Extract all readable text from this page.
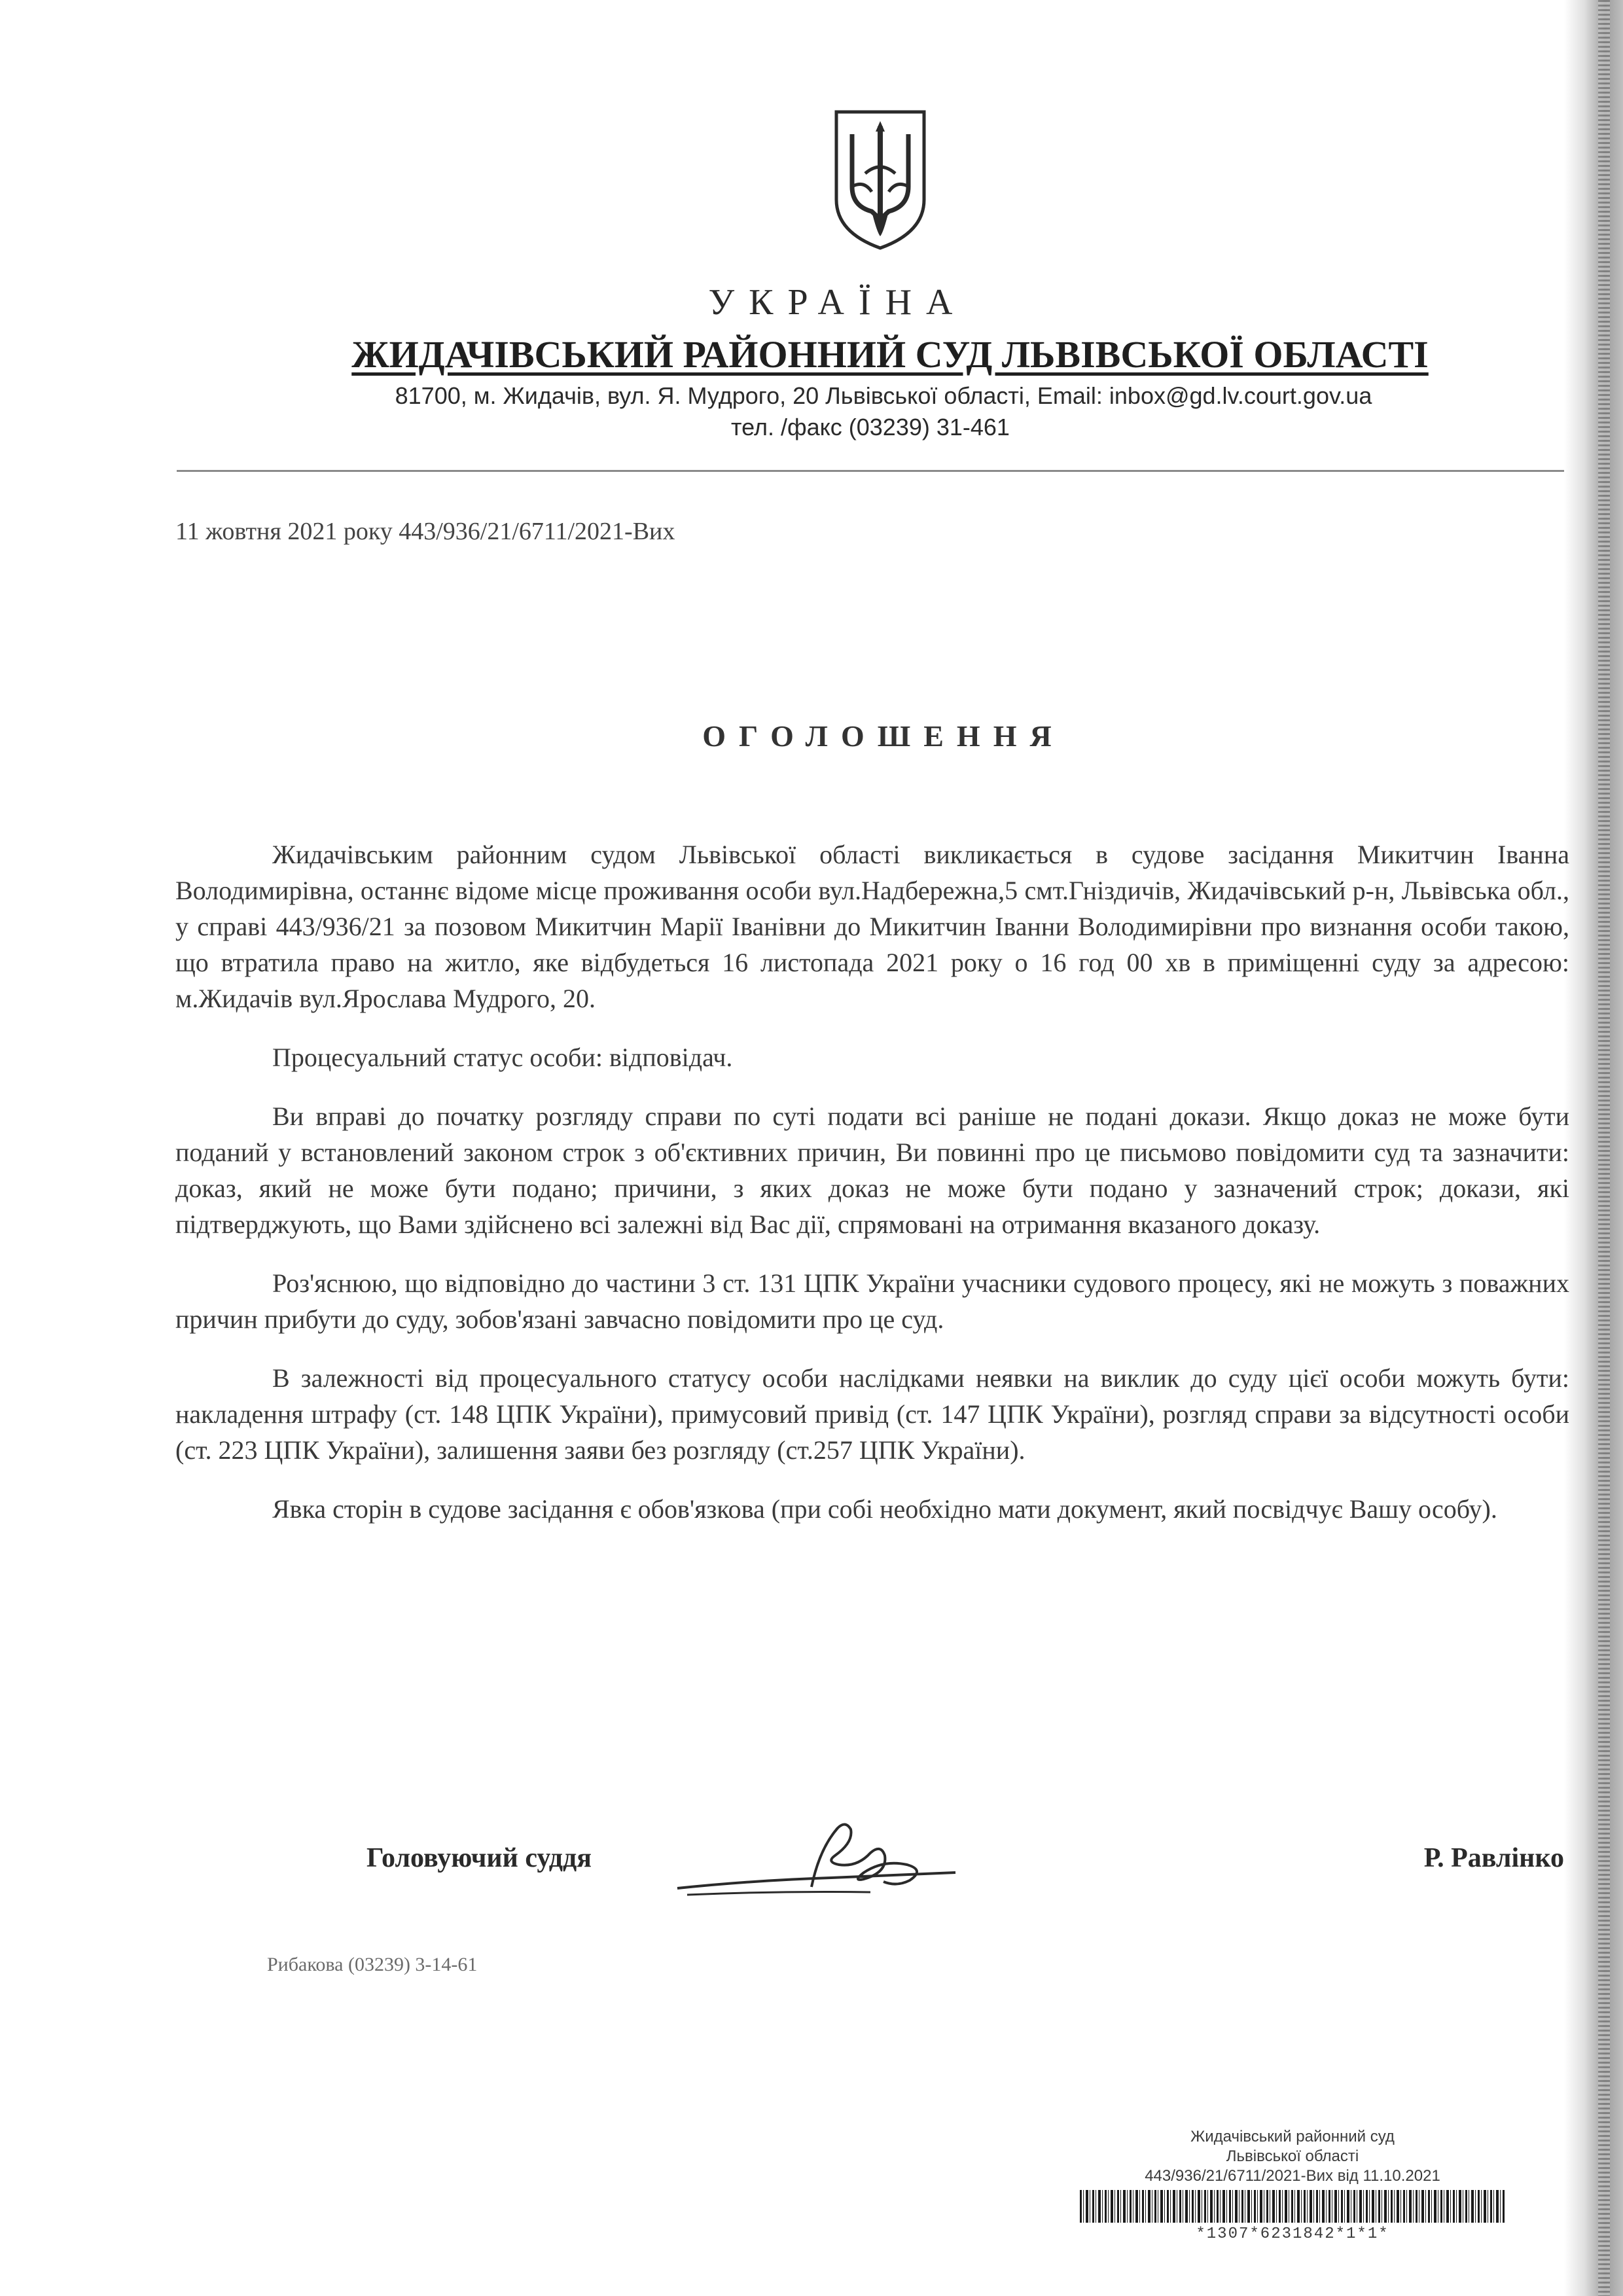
УКРАЇНА
ЖИДАЧІВСЬКИЙ РАЙОННИЙ СУД ЛЬВІВСЬКОЇ ОБЛАСТІ
81700, м. Жидачів, вул. Я. Мудрого, 20 Львівської області, Email: inbox@gd.lv.court.gov.ua
тел. /факс (03239) 31-461
11 жовтня 2021 року 443/936/21/6711/2021-Вих
ОГОЛОШЕННЯ

Жидачівським районним судом Львівської області викликається в судове засідання Микитчин Іванна Володимирівна, останнє відоме місце проживання особи вул.Надбережна,5 смт.Гніздичів, Жидачівський р-н, Львівська обл., у справі 443/936/21 за позовом Микитчин Марії Іванівни до Микитчин Іванни Володимирівни про визнання особи такою, що втратила право на житло, яке відбудеться 16 листопада 2021 року о 16 год 00 хв в приміщенні суду за адресою: м.Жидачів вул.Ярослава Мудрого, 20.

Процесуальний статус особи: відповідач.

Ви вправі до початку розгляду справи по суті подати всі раніше не подані докази. Якщо доказ не може бути поданий у встановлений законом строк з об'єктивних причин, Ви повинні про це письмово повідомити суд та зазначити: доказ, який не може бути подано; причини, з яких доказ не може бути подано у зазначений строк; докази, які підтверджують, що Вами здійснено всі залежні від Вас дії, спрямовані на отримання вказаного доказу.

Роз'яснюю, що відповідно до частини 3 ст. 131 ЦПК України учасники судового процесу, які не можуть з поважних причин прибути до суду, зобов'язані завчасно повідомити про це суд.

В залежності від процесуального статусу особи наслідками неявки на виклик до суду цієї особи можуть бути: накладення штрафу (ст. 148 ЦПК України), примусовий привід (ст. 147 ЦПК України), розгляд справи за відсутності особи (ст. 223 ЦПК України), залишення заяви без розгляду (ст.257 ЦПК України).

Явка сторін в судове засідання є обов'язкова (при собі необхідно мати документ, який посвідчує Вашу особу).

Головуючий суддя	Р. Равлінко
Рибакова (03239) 3-14-61
Жидачівський районний суд
Львівської області
443/936/21/6711/2021-Вих від 11.10.2021
*1307*6231842*1*1*
